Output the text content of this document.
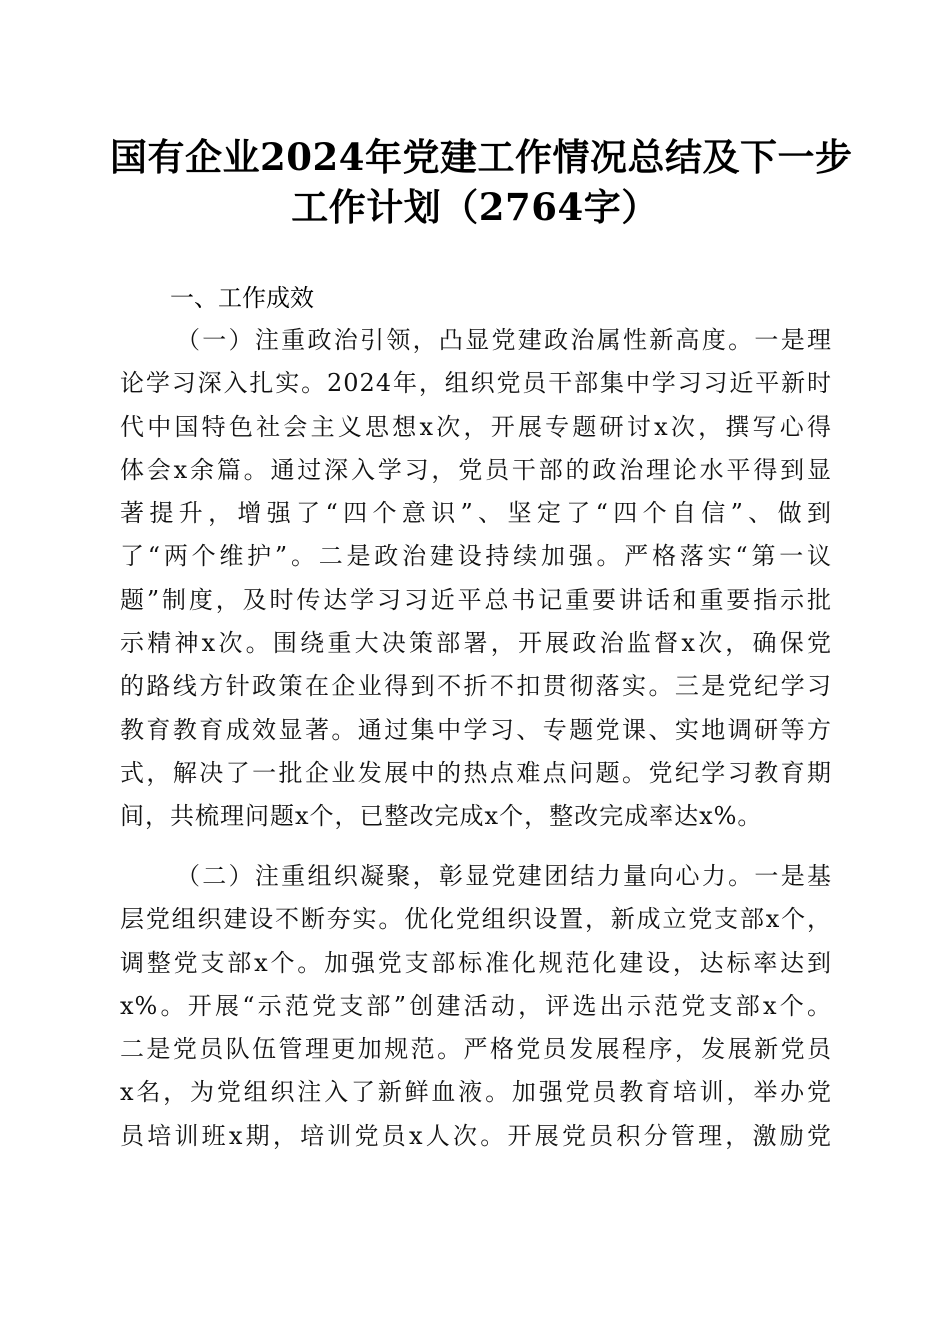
国有企业2024年党建工作情况总结及下一步
工作计划（2764字）
一、工作成效
（一）注重政治引领，凸显党建政治属性新高度。一是理
论学习深入扎实。2024年，组织党员干部集中学习习近平新时
代中国特色社会主义思想x次，开展专题研讨x次，撰写心得
体会x余篇。通过深入学习，党员干部的政治理论水平得到显
著提升，增强了“四个意识”、坚定了“四个自信”、做到
了“两个维护”。二是政治建设持续加强。严格落实“第一议
题”制度，及时传达学习习近平总书记重要讲话和重要指示批
示精神x次。围绕重大决策部署，开展政治监督x次，确保党
的路线方针政策在企业得到不折不扣贯彻落实。三是党纪学习
教育教育成效显著。通过集中学习、专题党课、实地调研等方
式，解决了一批企业发展中的热点难点问题。党纪学习教育期
间，共梳理问题x个，已整改完成x个，整改完成率达x%。
（二）注重组织凝聚，彰显党建团结力量向心力。一是基
层党组织建设不断夯实。优化党组织设置，新成立党支部x个，
调整党支部x个。加强党支部标准化规范化建设，达标率达到
x%。开展“示范党支部”创建活动，评选出示范党支部x个。
二是党员队伍管理更加规范。严格党员发展程序，发展新党员
x名，为党组织注入了新鲜血液。加强党员教育培训，举办党
员培训班x期，培训党员x人次。开展党员积分管理，激励党
